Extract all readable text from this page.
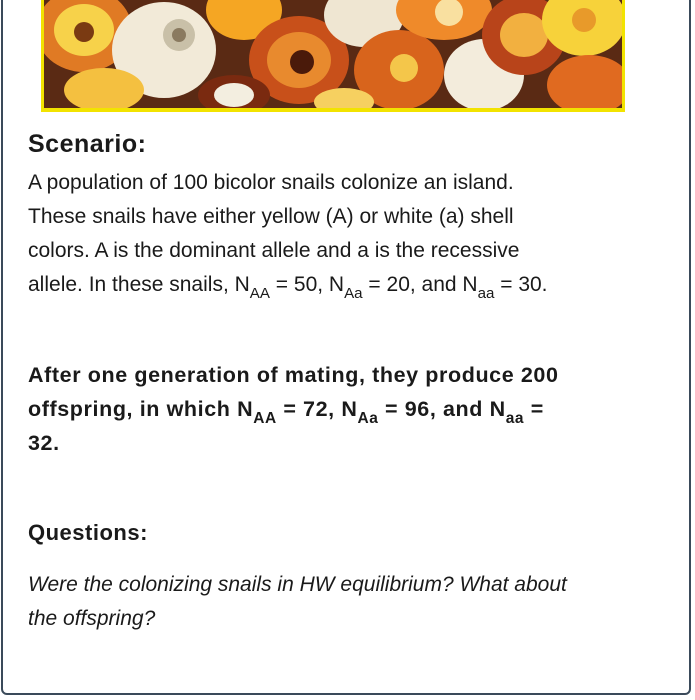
Scenario:
A population of 100 bicolor snails colonize an island.
These snails have either yellow (A) or white (a) shell
colors. A is the dominant allele and a is the recessive
allele. In these snails, $N_{AA} = 50$, $N_{Aa} = 20$, and $N_{aa} = 30$.
After one generation of mating, they produce 200
offspring, in which $N_{AA} = 72$, $N_{Aa} = 96$, and $N_{aa}$ =
32.
Questions:
Were the colonizing snails in HW equilibrium? What about
the offspring?
